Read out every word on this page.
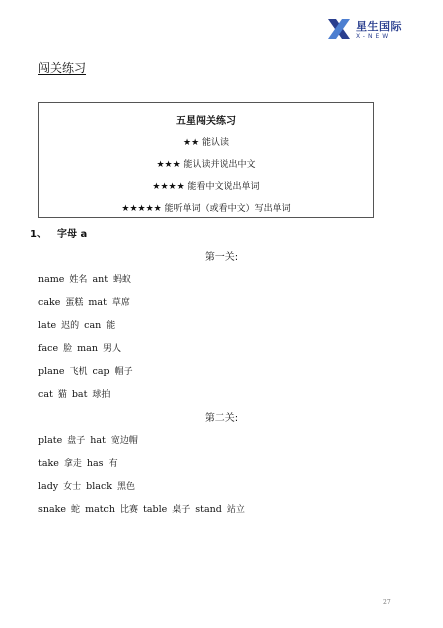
星生国际
X-NEW
闯关练习
五星闯关练习
★★ 能认读
★★★ 能认读并说出中文
★★★★ 能看中文说出单词
★★★★★ 能听单词（或看中文）写出单词
1、 字母 a
第一关:
name 姓名 ant 蚂蚁
cake 蛋糕 mat 草席
late 迟的 can 能
face 脸 man 男人
plane 飞机 cap 帽子
cat 猫 bat 球拍
第二关:
plate 盘子 hat 宽边帽
take 拿走 has 有
lady 女士 black 黑色
snake 蛇 match 比赛 table 桌子 stand 站立
27
